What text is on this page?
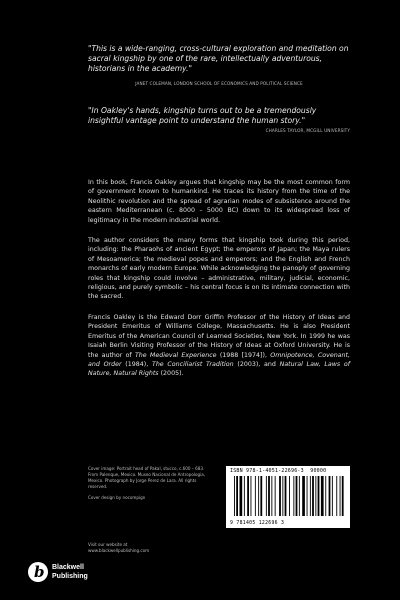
"This is a wide-ranging, cross-cultural exploration and meditation on sacral kingship by one of the rare, intellectually adventurous, historians in the academy."

JANET COLEMAN, LONDON SCHOOL OF ECONOMICS AND POLITICAL SCIENCE

"In Oakley's hands, kingship turns out to be a tremendously insightful vantage point to understand the human story."

CHARLES TAYLOR, MCGILL UNIVERSITY

In this book, Francis Oakley argues that kingship may be the most common form of government known to humankind. He traces its history from the time of the Neolithic revolution and the spread of agrarian modes of subsistence around the eastern Mediterranean (c. 8000 – 5000 BC) down to its widespread loss of legitimacy in the modern industrial world.

The author considers the many forms that kingship took during this period, including: the Pharaohs of ancient Egypt; the emperors of Japan; the Maya rulers of Mesoamerica; the medieval popes and emperors; and the English and French monarchs of early modern Europe. While acknowledging the panoply of governing roles that kingship could involve – administrative, military, judicial, economic, religious, and purely symbolic – his central focus is on its intimate connection with the sacred.

Francis Oakley is the Edward Dorr Griffin Professor of the History of Ideas and President Emeritus of Williams College, Massachusetts. He is also President Emeritus of the American Council of Learned Societies, New York. In 1999 he was Isaiah Berlin Visiting Professor of the History of Ideas at Oxford University. He is the author of The Medieval Experience (1988 [1974]), Omnipotence, Covenant, and Order (1984), The Conciliarist Tradition (2003), and Natural Law, Laws of Nature, Natural Rights (2005).

Cover image: Portrait head of Pakal, stucco, c.600 – 683. From Palenque, Mexico. Museo Nacional de Antropologia, Mexico. Photograph by Jorge Perez de Lara. All rights reserved.
Cover design by nocompign
Visit our website at
www.blackwellpublishing.com
ISBN 978-1-4051-22696-3 90000
9 781405 122696 3
b Blackwell
Publishing
